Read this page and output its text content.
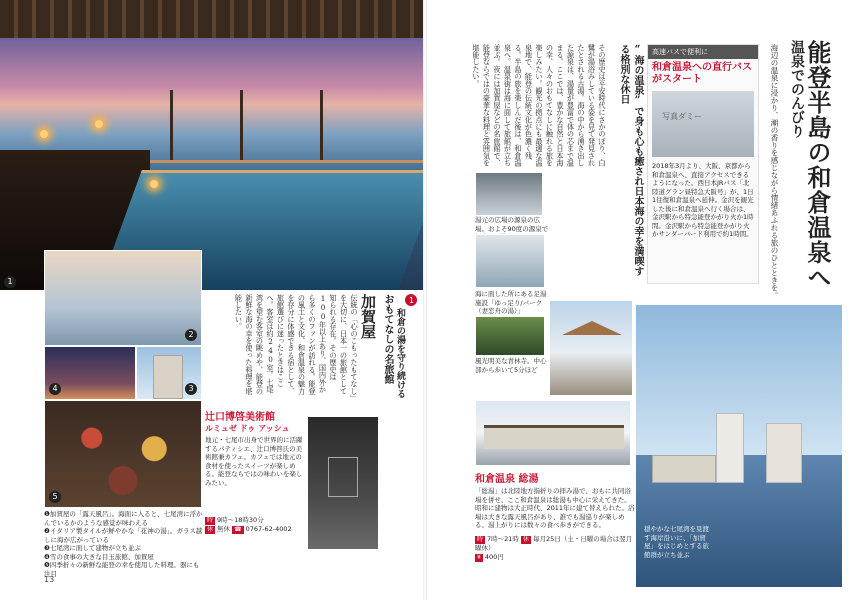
1
2
4	3
5
❶加賀屋の「露天風呂」。海面に入ると、七尾湾に浮かんでいるかのような感覚が味わえる
❷イタリア製タイルが鮮やかな「花神の湯」。ガラス越しに海が広がっている
❸七尾湾に面して建物が立ち並ぶ
❹雪の食事の大きな目玉旅館、加賀屋
❺四季折々の新鮮な能登の幸を使用した料理。器にも注目
1
和倉の湯を守り続ける
おもてなしの名旅館
加賀屋
伝統の「心のこもったもてなし」を大切に、日本一の旅館として知られる存在。その歴史は100年以上あり、国内外から多くのファンが訪れる。能登の風土と文化、和倉温泉の魅力を存分に体感できる宿として、旅館選びに迷ったときはここへ。客室は約240室。七尾湾を望む客室の眺めや、能登の新鮮な海の幸を使った料理を堪能したい。
辻口博啓美術館
ルミュゼ ドゥ アッシュ
地元・七尾市出身で世界的に活躍するパティシエ、辻口博啓氏の美術館兼カフェ。カフェでは地元の食材を使ったスイーツが楽しめる。能登ならではの味わいを楽しみたい。
時 9時～18時30分
休 無休 ☎ 0767-62-4002
13
温泉でのんびり
能登半島の和倉温泉へ
海辺の温泉に浸かり、潮の香りを感じながら情緒あふれる旅のひとときを。
高速バスで便利に
和倉温泉への直行バスがスタート
写真ダミー
2018年3月より、大阪、京都から和倉温泉へ、直接アクセスできるようになった。西日本JRバス「北陸道グラン昼特急大阪号」が、1日1往復和倉温泉へ延伸。金沢を観光した後に和倉温泉へ行く場合は、金沢駅から特急能登かがり火か1時間。金沢駅から特急能登かがり火かサンダーバード利用で約1時間。
“海の温泉”で身も心も癒され日本海の幸を満喫する格別な休日
その歴史は平安時代にさかのぼり、白鷺が湯浴みしている姿を見て発見されたとされる古湯。海の中から湧き出した源泉は、湯量が豊富で体の芯まで温まる。ここでは、豊かな自然と日本海の幸、人々のおもてなしに触れる旅を楽しみたい。観光の拠点にも最適な温泉地で、能登の伝統文化が色濃く残る。半島の旅を楽しんだ後は、和倉温泉へ。温泉街は海に面して旅館が立ち並ぶ。夜には加賀屋などの名旅館で、能登ならではの豪華な料理と雰囲気を堪能したい。
湯元の広場の源泉の広場。およそ90度の源泉で
海に面した所にある足湯施設「ゆっ足り/パーク（妻恋舟の湯）」
風光明美な青林寺。中心部から歩いて5分ほど
和倉温泉 総湯
「総湯」は北陸地方指折りの拝み湯で、おもに共同浴場を併せ、ここ和倉温泉は総湯も中心に栄えてきた。昭和に建物は大正時代、2011年に建て替えられた。浴場は大きな露天風呂があり、誰でも湯巡りが楽しめる。湯上がりには数々の食べ歩きができる。
時 7時～21時 休 毎月25日（土・日曜の場合は翌月曜休）
¥ 400円
穏やかな七尾湾を見渡す海岸沿いに、「加賀屋」をはじめとする旅館群が立ち並ぶ
